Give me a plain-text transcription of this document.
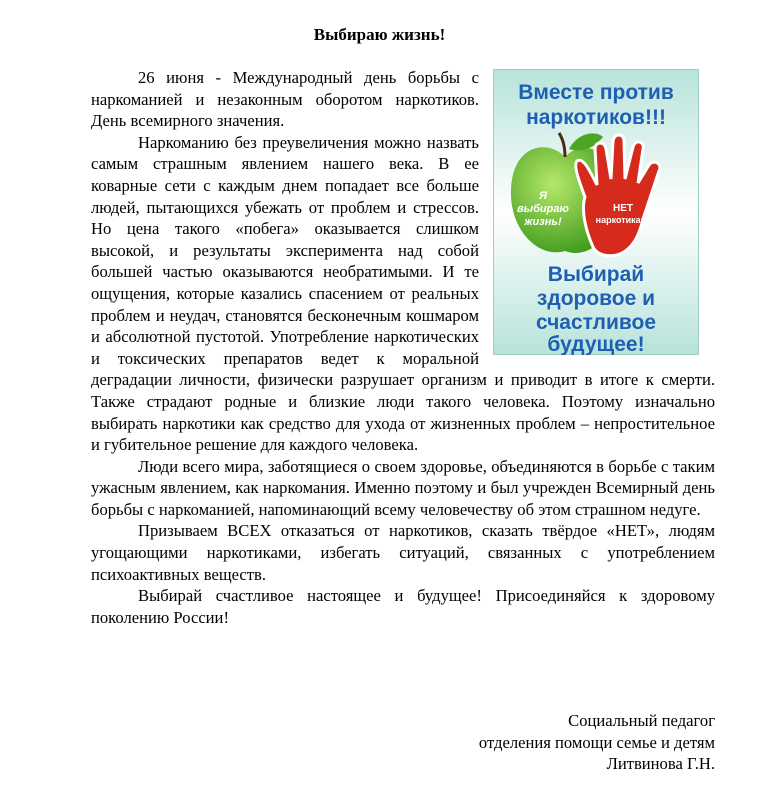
Выбираю жизнь!
Вместе против
наркотиков!!!
Я
выбираю
жизнь!
НЕТ
наркотикам!
Выбирай
здоровое и
счастливое
будущее!

26 июня - Международный день борьбы с наркоманией и незаконным оборотом наркотиков. День всемирного значения.

Наркоманию без преувеличения можно назвать самым страшным явлением нашего века. В ее коварные сети с каждым днем попадает все больше людей, пытающихся убежать от проблем и стрессов. Но цена такого «побега» оказывается слишком высокой, и результаты эксперимента над собой большей частью оказываются необратимыми. И те ощущения, которые казались спасением от реальных проблем и неудач, становятся бесконечным кошмаром и абсолютной пустотой. Употребление наркотических и токсических препаратов ведет к моральной деградации личности, физически разрушает организм и приводит в итоге к смерти. Также страдают родные и близкие люди такого человека. Поэтому изначально выбирать наркотики как средство для ухода от жизненных проблем – непростительное и губительное решение для каждого человека.

Люди всего мира, заботящиеся о своем здоровье, объединяются в борьбе с таким ужасным явлением, как наркомания. Именно поэтому и был учрежден Всемирный день борьбы с наркоманией, напоминающий всему человечеству об этом страшном недуге.

Призываем ВСЕХ отказаться от наркотиков, сказать твёрдое «НЕТ», людям угощающими наркотиками, избегать ситуаций, связанных с употреблением психоактивных веществ.

Выбирай счастливое настоящее и будущее! Присоединяйся к здоровому поколению России!

Социальный педагог
отделения помощи семье и детям
Литвинова Г.Н.
